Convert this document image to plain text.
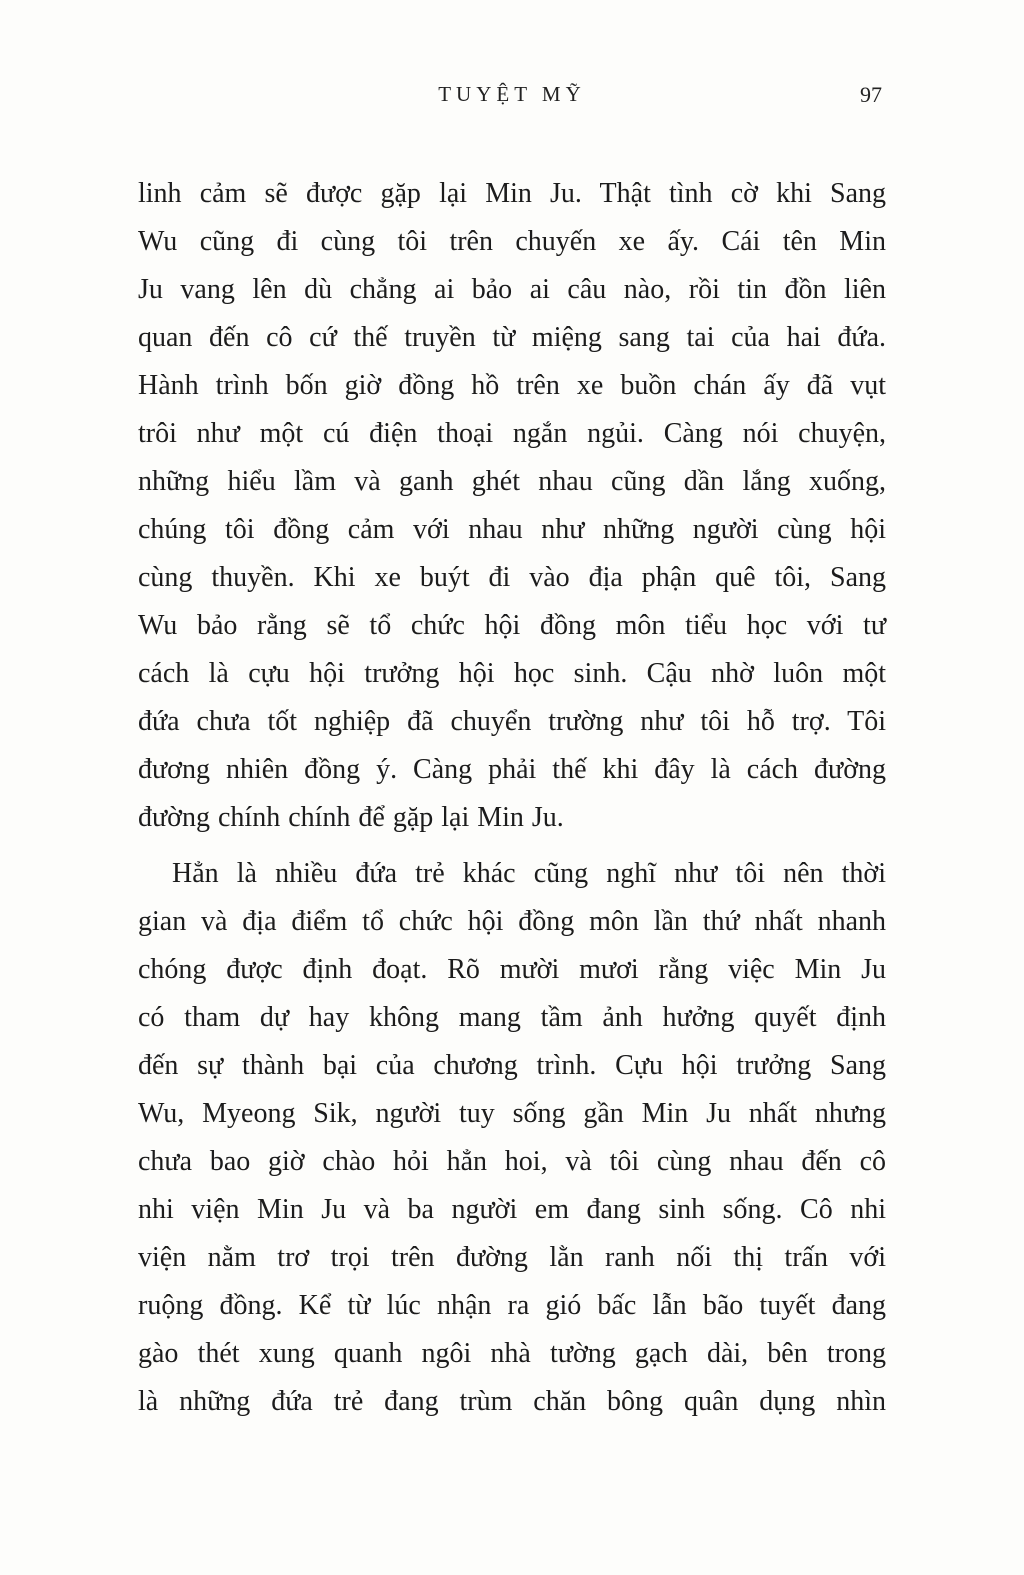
TUYỆT MỸ	97
linh cảm sẽ được gặp lại Min Ju. Thật tình cờ khi Sang
Wu cũng đi cùng tôi trên chuyến xe ấy. Cái tên Min
Ju vang lên dù chẳng ai bảo ai câu nào, rồi tin đồn liên
quan đến cô cứ thế truyền từ miệng sang tai của hai đứa.
Hành trình bốn giờ đồng hồ trên xe buồn chán ấy đã vụt
trôi như một cú điện thoại ngắn ngủi. Càng nói chuyện,
những hiểu lầm và ganh ghét nhau cũng dần lắng xuống,
chúng tôi đồng cảm với nhau như những người cùng hội
cùng thuyền. Khi xe buýt đi vào địa phận quê tôi, Sang
Wu bảo rằng sẽ tổ chức hội đồng môn tiểu học với tư
cách là cựu hội trưởng hội học sinh. Cậu nhờ luôn một
đứa chưa tốt nghiệp đã chuyển trường như tôi hỗ trợ. Tôi
đương nhiên đồng ý. Càng phải thế khi đây là cách đường
đường chính chính để gặp lại Min Ju.
Hẳn là nhiều đứa trẻ khác cũng nghĩ như tôi nên thời
gian và địa điểm tổ chức hội đồng môn lần thứ nhất nhanh
chóng được định đoạt. Rõ mười mươi rằng việc Min Ju
có tham dự hay không mang tầm ảnh hưởng quyết định
đến sự thành bại của chương trình. Cựu hội trưởng Sang
Wu, Myeong Sik, người tuy sống gần Min Ju nhất nhưng
chưa bao giờ chào hỏi hẳn hoi, và tôi cùng nhau đến cô
nhi viện Min Ju và ba người em đang sinh sống. Cô nhi
viện nằm trơ trọi trên đường lằn ranh nối thị trấn với
ruộng đồng. Kể từ lúc nhận ra gió bấc lẫn bão tuyết đang
gào thét xung quanh ngôi nhà tường gạch dài, bên trong
là những đứa trẻ đang trùm chăn bông quân dụng nhìn
